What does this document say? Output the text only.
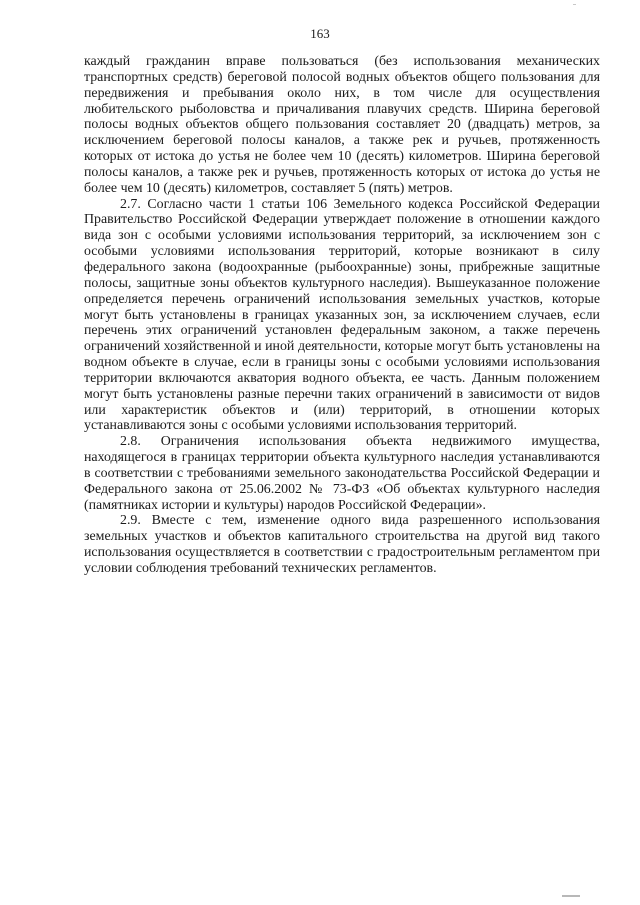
163

каждый гражданин вправе пользоваться (без использования механических транспортных средств) береговой полосой водных объектов общего пользования для передвижения и пребывания около них, в том числе для осуществления любительского рыболовства и причаливания плавучих средств. Ширина береговой полосы водных объектов общего пользования составляет 20 (двадцать) метров, за исключением береговой полосы каналов, а также рек и ручьев, протяженность которых от истока до устья не более чем 10 (десять) километров. Ширина береговой полосы каналов, а также рек и ручьев, протяженность которых от истока до устья не более чем 10 (десять) километров, составляет 5 (пять) метров.

2.7. Согласно части 1 статьи 106 Земельного кодекса Российской Федерации Правительство Российской Федерации утверждает положение в отношении каждого вида зон с особыми условиями использования территорий, за исключением зон с особыми условиями использования территорий, которые возникают в силу федерального закона (водоохранные (рыбоохранные) зоны, прибрежные защитные полосы, защитные зоны объектов культурного наследия). Вышеуказанное положение определяется перечень ограничений использования земельных участков, которые могут быть установлены в границах указанных зон, за исключением случаев, если перечень этих ограничений установлен федеральным законом, а также перечень ограничений хозяйственной и иной деятельности, которые могут быть установлены на водном объекте в случае, если в границы зоны с особыми условиями использования территории включаются акватория водного объекта, ее часть. Данным положением могут быть установлены разные перечни таких ограничений в зависимости от видов или характеристик объектов и (или) территорий, в отношении которых устанавливаются зоны с особыми условиями использования территорий.

2.8. Ограничения использования объекта недвижимого имущества, находящегося в границах территории объекта культурного наследия устанавливаются в соответствии с требованиями земельного законодательства Российской Федерации и Федерального закона от 25.06.2002 № 73-ФЗ «Об объектах культурного наследия (памятниках истории и культуры) народов Российской Федерации».

2.9. Вместе с тем, изменение одного вида разрешенного использования земельных участков и объектов капитального строительства на другой вид такого использования осуществляется в соответствии с градостроительным регламентом при условии соблюдения требований технических регламентов.
